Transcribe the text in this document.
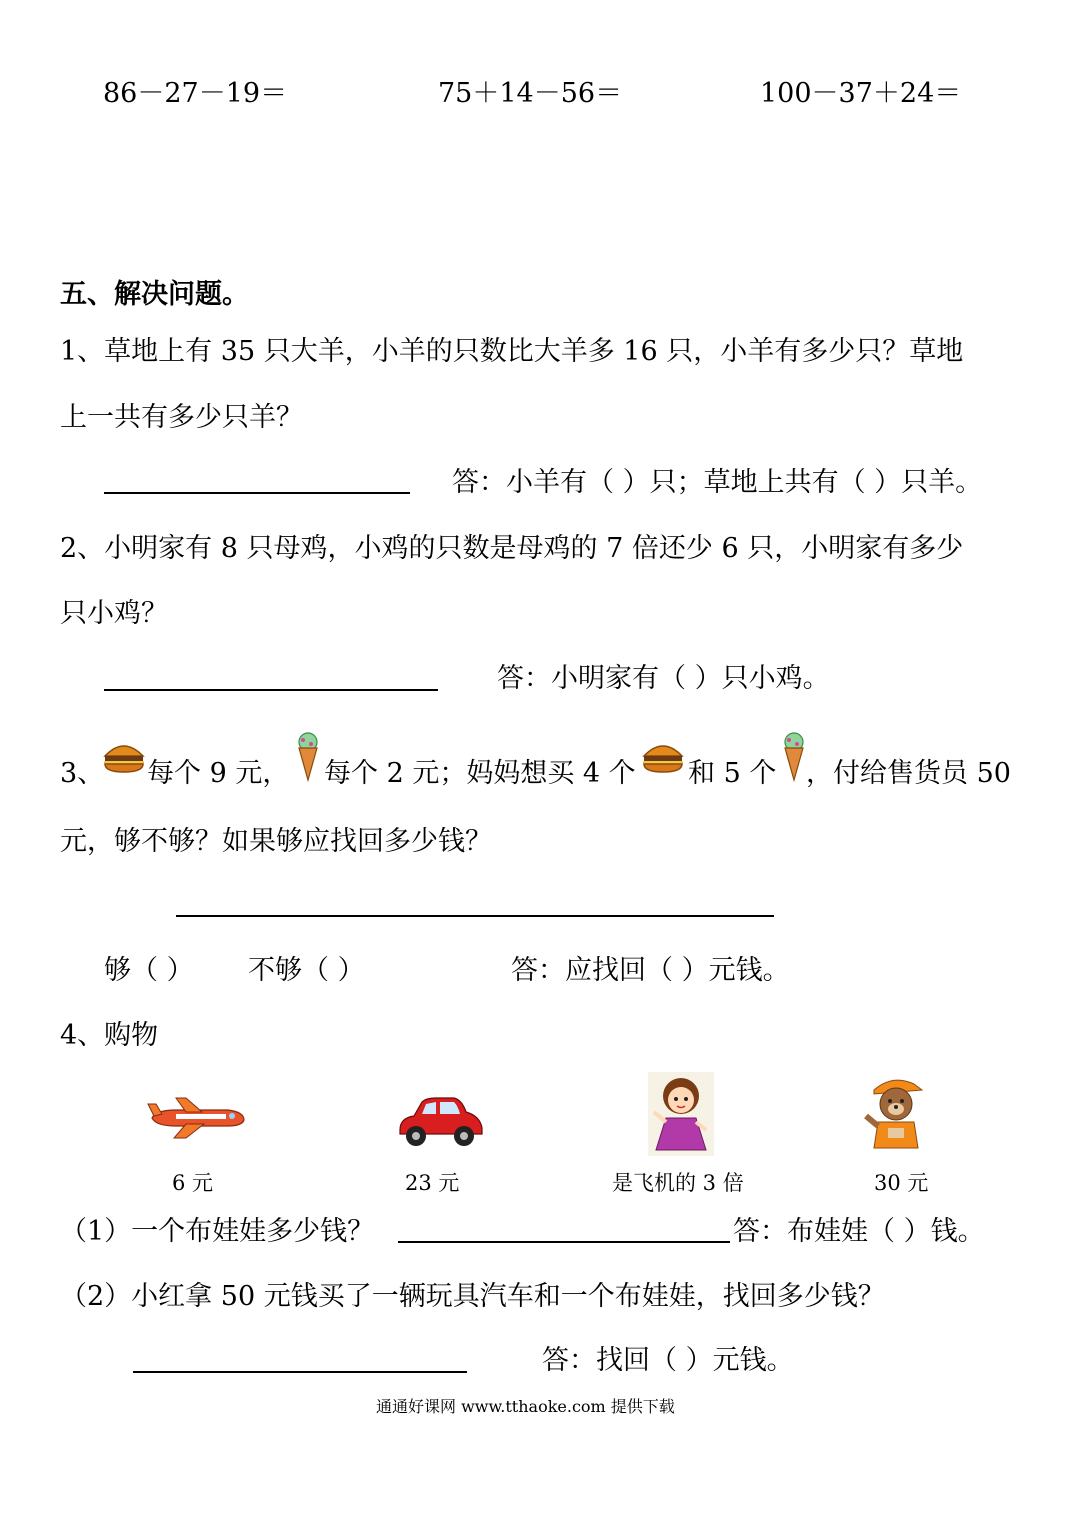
86－27－19＝	75＋14－56＝	100－37＋24＝
五、解决问题。
1、草地上有 35 只大羊，小羊的只数比大羊多 16 只，小羊有多少只？草地
上一共有多少只羊？
答：小羊有（ ）只；草地上共有（ ）只羊。
2、小明家有 8 只母鸡，小鸡的只数是母鸡的 7 倍还少 6 只，小明家有多少
只小鸡？
答：小明家有（ ）只小鸡。
3、 每个 9 元， 每个 2 元；妈妈想买 4 个 和 5 个 ，付给售货员 50
元，够不够？如果够应找回多少钱？
够（ ） 不够（ ）	答：应找回（ ）元钱。
4、购物
6 元	23 元	是飞机的 3 倍	30 元
（1）一个布娃娃多少钱？	答：布娃娃（ ）钱。
（2）小红拿 50 元钱买了一辆玩具汽车和一个布娃娃，找回多少钱？
答：找回（ ）元钱。
通通好课网 www.tthaoke.com 提供下载
